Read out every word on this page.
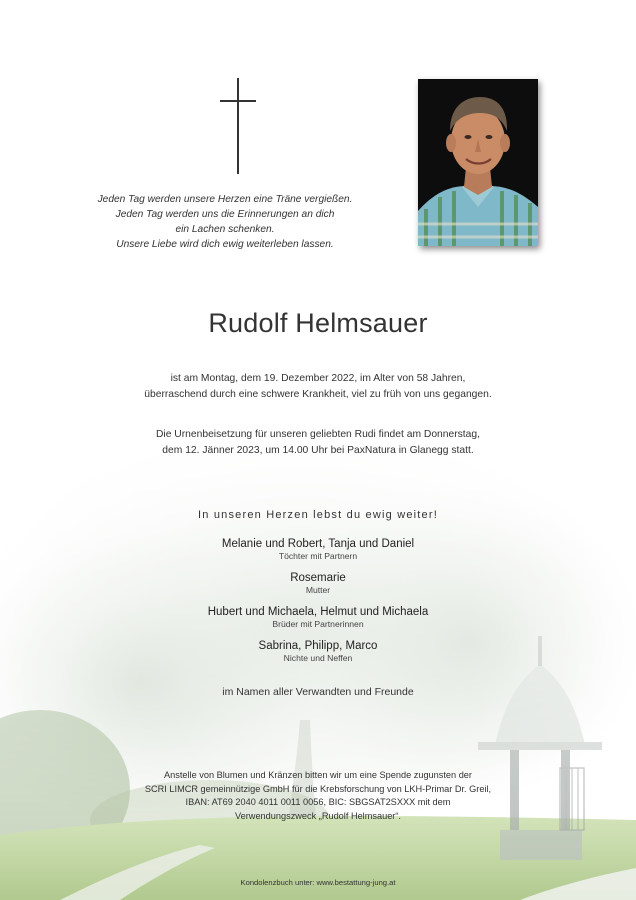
Jeden Tag werden unsere Herzen eine Träne vergießen.
Jeden Tag werden uns die Erinnerungen an dich
ein Lachen schenken.
Unsere Liebe wird dich ewig weiterleben lassen.
Rudolf Helmsauer
ist am Montag, dem 19. Dezember 2022, im Alter von 58 Jahren,
überraschend durch eine schwere Krankheit, viel zu früh von uns gegangen.
Die Urnenbeisetzung für unseren geliebten Rudi findet am Donnerstag,
dem 12. Jänner 2023, um 14.00 Uhr bei PaxNatura in Glanegg statt.
In unseren Herzen lebst du ewig weiter!
Melanie und Robert, Tanja und Daniel
Töchter mit Partnern
Rosemarie
Mutter
Hubert und Michaela, Helmut und Michaela
Brüder mit Partnerinnen
Sabrina, Philipp, Marco
Nichte und Neffen
im Namen aller Verwandten und Freunde
Anstelle von Blumen und Kränzen bitten wir um eine Spende zugunsten der
SCRI LIMCR gemeinnützige GmbH für die Krebsforschung von LKH-Primar Dr. Greil,
IBAN: AT69 2040 4011 0011 0056, BIC: SBGSAT2SXXX mit dem
Verwendungszweck „Rudolf Helmsauer“.
Kondolenzbuch unter: www.bestattung-jung.at
